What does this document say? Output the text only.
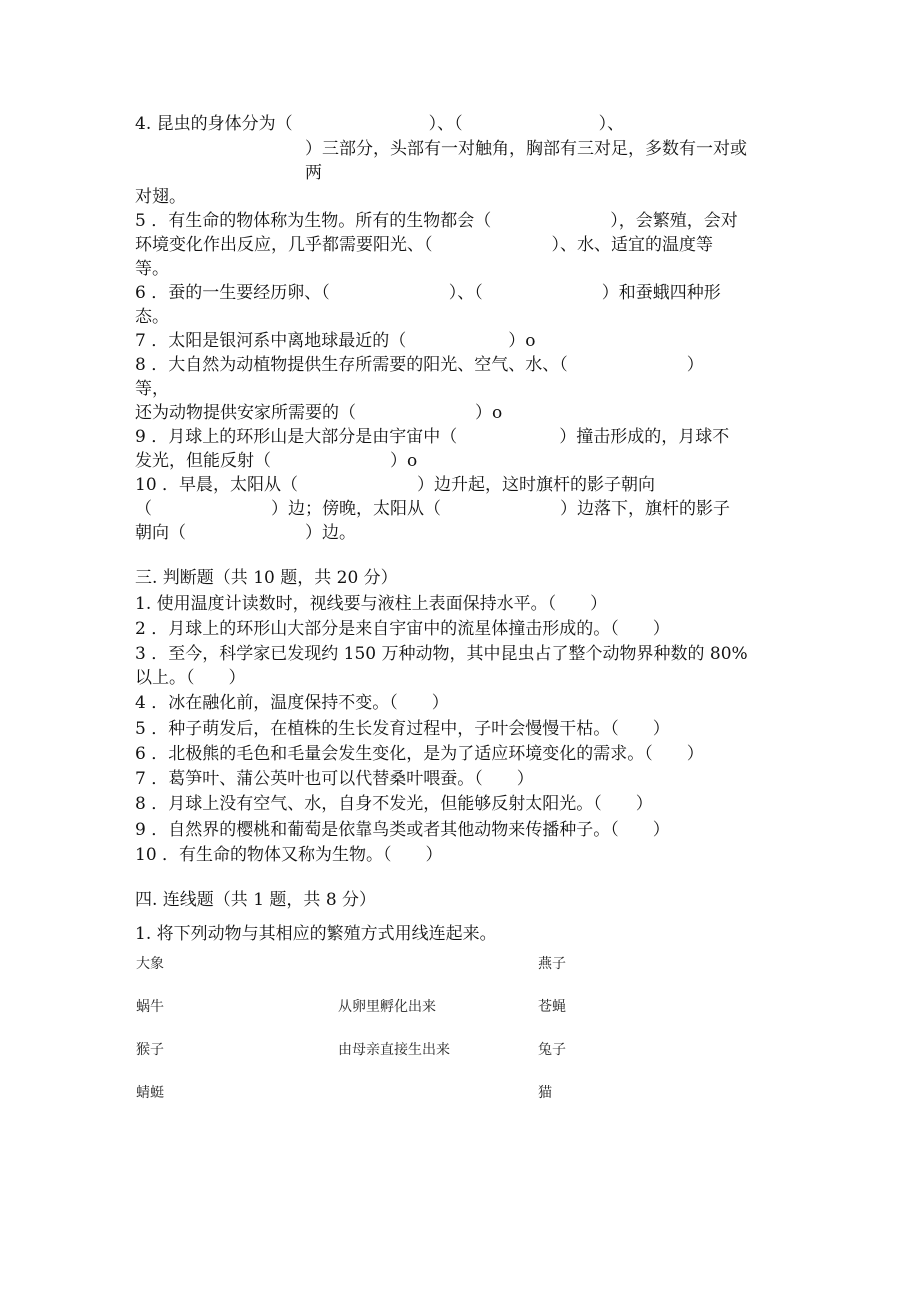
4. 昆虫的身体分为（　　　　　　　　）、（　　　　　　　　）、
　　　　　　　　　　）三部分，头部有一对触角，胸部有三对足，多数有一对或
　　　　　　　　　　两
对翅。
5 ．有生命的物体称为生物。所有的生物都会（　　　　　　　），会繁殖，会对
环境变化作出反应，几乎都需要阳光、（　　　　　　　）、水、适宜的温度等
等。
6 ．蚕的一生要经历卵、（　　　　　　　）、（　　　　　　　）和蚕蛾四种形
态。
7 ．太阳是银河系中离地球最近的（　　　　　　）o
8 ．大自然为动植物提供生存所需要的阳光、空气、水、（　　　　　　　）
等，
还为动物提供安家所需要的（　　　　　　　）o
9 ．月球上的环形山是大部分是由宇宙中（　　　　　　）撞击形成的，月球不
发光，但能反射（　　　　　　　）o
10 ．早晨，太阳从（　　　　　　　）边升起，这时旗杆的影子朝向
（　　　　　　　）边；傍晚，太阳从（　　　　　　　）边落下，旗杆的影子
朝向（　　　　　　　）边。
三. 判断题（共 10 题，共 20 分）
1. 使用温度计读数时，视线要与液柱上表面保持水平。（　　）
2 ．月球上的环形山大部分是来自宇宙中的流星体撞击形成的。（　　）
3 ．至今，科学家已发现约 150 万种动物，其中昆虫占了整个动物界种数的 80%
以上。（　　）
4 ．冰在融化前，温度保持不变。（　　）
5 ．种子萌发后，在植株的生长发育过程中，子叶会慢慢干枯。（　　）
6 ．北极熊的毛色和毛量会发生变化，是为了适应环境变化的需求。（　　）
7 ．葛笋叶、蒲公英叶也可以代替桑叶喂蚕。（　　）
8 ．月球上没有空气、水，自身不发光，但能够反射太阳光。（　　）
9 ．自然界的樱桃和葡萄是依靠鸟类或者其他动物来传播种子。（　　）
10 ．有生命的物体又称为生物。（　　）
四. 连线题（共 1 题，共 8 分）
1. 将下列动物与其相应的繁殖方式用线连起来。
大象
蜗牛
猴子
蜻蜓
从卵里孵化出来
由母亲直接生出来
燕子
苍蝇
兔子
猫
